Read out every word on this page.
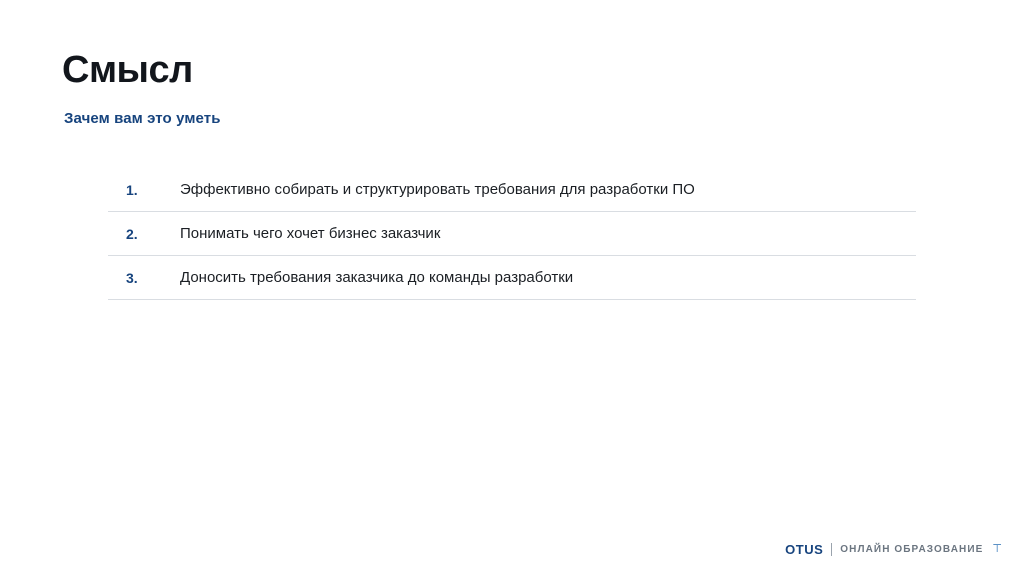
Смысл
Зачем вам это уметь
1.	Эффективно собирать и структурировать требования для разработки ПО
2.	Понимать чего хочет бизнес заказчик
3.	Доносить требования заказчика до команды разработки
OTUS ОНЛАЙН ОБРАЗОВАНИЕ ⊤
